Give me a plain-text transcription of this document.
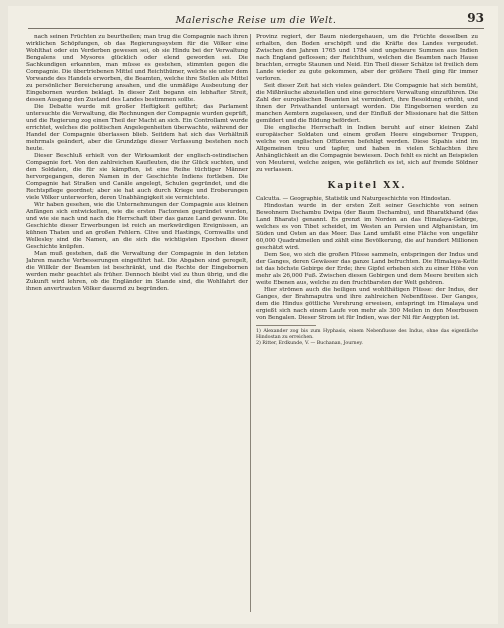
Malerische Reise um die Welt.	93

nach seinen Früchten zu beurtheilen; man trug die Compagnie nach ihren wirklichen Schöpfungen, ob das Regierungssystem für die Völker eine Wohlthat oder ein Verderben gewesen sei, ob sie Hindu bei der Verwaltung Bengalens und Mysores glücklich oder elend geworden sei. Die Sachkundigen erkannten, man müsse es gestehen, stimmten gegen die Compagnie. Die übertriebenen Mittel und Reichthümer, welche sie unter dem Vorwande des Handels erworben, die Beamten, welche ihre Stellen als Mittel zu persönlicher Bereicherung ansahen, und die unmäßige Ausbeutung der Eingebornen wurden beklagt. In dieser Zeit begann ein lebhafter Streit, dessen Ausgang den Zustand des Landes bestimmen sollte.

Die Debatte wurde mit großer Heftigkeit geführt; das Parlament untersuchte die Verwaltung, die Rechnungen der Compagnie wurden geprüft, und die Regierung zog einen Theil der Macht an sich. Ein Controllamt wurde errichtet, welches die politischen Angelegenheiten überwachte, während der Handel der Compagnie überlassen blieb. Seitdem hat sich das Verhältniß mehrmals geändert, aber die Grundzüge dieser Verfassung bestehen noch heute.

Dieser Beschluß erhielt von der Wirksamkeit der englisch-ostindischen Compagnie fort. Von den zahlreichen Kaufleuten, die ihr Glück suchten, und den Soldaten, die für sie kämpften, ist eine Reihe tüchtiger Männer hervorgegangen, deren Namen in der Geschichte Indiens fortleben. Die Compagnie hat Straßen und Canäle angelegt, Schulen gegründet, und die Rechtspflege geordnet; aber sie hat auch durch Kriege und Eroberungen viele Völker unterworfen, deren Unabhängigkeit sie vernichtete.

Wir haben gesehen, wie die Unternehmungen der Compagnie aus kleinen Anfängen sich entwickelten, wie die ersten Factoreien gegründet wurden, und wie sie nach und nach die Herrschaft über das ganze Land gewann. Die Geschichte dieser Erwerbungen ist reich an merkwürdigen Ereignissen, an kühnen Thaten und an großen Fehlern. Clive und Hastings, Cornwallis und Wellesley sind die Namen, an die sich die wichtigsten Epochen dieser Geschichte knüpfen.

Man muß gestehen, daß die Verwaltung der Compagnie in den letzten Jahren manche Verbesserungen eingeführt hat. Die Abgaben sind geregelt, die Willkür der Beamten ist beschränkt, und die Rechte der Eingebornen werden mehr geachtet als früher. Dennoch bleibt viel zu thun übrig, und die Zukunft wird lehren, ob die Engländer im Stande sind, die Wohlfahrt der ihnen anvertrauten Völker dauernd zu begründen.

Provinz regiert, der Baum niedergehauen, um die Früchte desselben zu erhalten, den Boden erschöpft und die Kräfte des Landes vergeudet. Zwischen den Jahren 1765 und 1784 sind ungeheure Summen aus Indien nach England geflossen; der Reichthum, welchen die Beamten nach Hause brachten, erregte Staunen und Neid. Ein Theil dieser Schätze ist freilich dem Lande wieder zu gute gekommen, aber der größere Theil ging für immer verloren.

Seit dieser Zeit hat sich vieles geändert. Die Compagnie hat sich bemüht, die Mißbräuche abzustellen und eine gerechtere Verwaltung einzuführen. Die Zahl der europäischen Beamten ist vermindert, ihre Besoldung erhöht, und ihnen der Privathandel untersagt worden. Die Eingebornen werden zu manchen Aemtern zugelassen, und der Einfluß der Missionare hat die Sitten gemildert und die Bildung befördert.

Die englische Herrschaft in Indien beruht auf einer kleinen Zahl europäischer Soldaten und einem großen Heere eingeborner Truppen, welche von englischen Offizieren befehligt werden. Diese Sipahis sind im Allgemeinen treu und tapfer, und haben in vielen Schlachten ihre Anhänglichkeit an die Compagnie bewiesen. Doch fehlt es nicht an Beispielen von Meuterei, welche zeigen, wie gefährlich es ist, sich auf fremde Söldner zu verlassen.

Kapitel XX.

Calcutta. — Geographie, Statistik und Naturgeschichte von Hindostan.

Hindostan wurde in der ersten Zeit seiner Geschichte von seinen Bewohnern Dschambu Dwipa (der Baum Dschambu), und Bharatkhand (das Land Bharats) genannt. Es grenzt im Norden an das Himalaya-Gebirge, welches es von Tibet scheidet, im Westen an Persien und Afghanistan, im Süden und Osten an das Meer. Das Land umfaßt eine Fläche von ungefähr 60,000 Quadratmeilen und zählt eine Bevölkerung, die auf hundert Millionen geschätzt wird.

Dem See, wo sich die großen Flüsse sammeln, entspringen der Indus und der Ganges, deren Gewässer das ganze Land befruchten. Die Himalaya-Kette ist das höchste Gebirge der Erde; ihre Gipfel erheben sich zu einer Höhe von mehr als 26,000 Fuß. Zwischen diesen Gebirgen und dem Meere breiten sich weite Ebenen aus, welche zu den fruchtbarsten der Welt gehören.

Hier strömen auch die heiligen und wohlthätigen Flüsse: der Indus, der Ganges, der Brahmaputra und ihre zahlreichen Nebenflüsse. Der Ganges, dem die Hindus göttliche Verehrung erweisen, entspringt im Himalaya und ergießt sich nach einem Laufe von mehr als 300 Meilen in den Meerbusen von Bengalen. Dieser Strom ist für Indien, was der Nil für Aegypten ist.

1) Alexander zog bis zum Hyphasis, einem Nebenflusse des Indus, ohne das eigentliche Hindostan zu erreichen.

2) Ritter, Erdkunde, V. — Buchanan, Journey.
